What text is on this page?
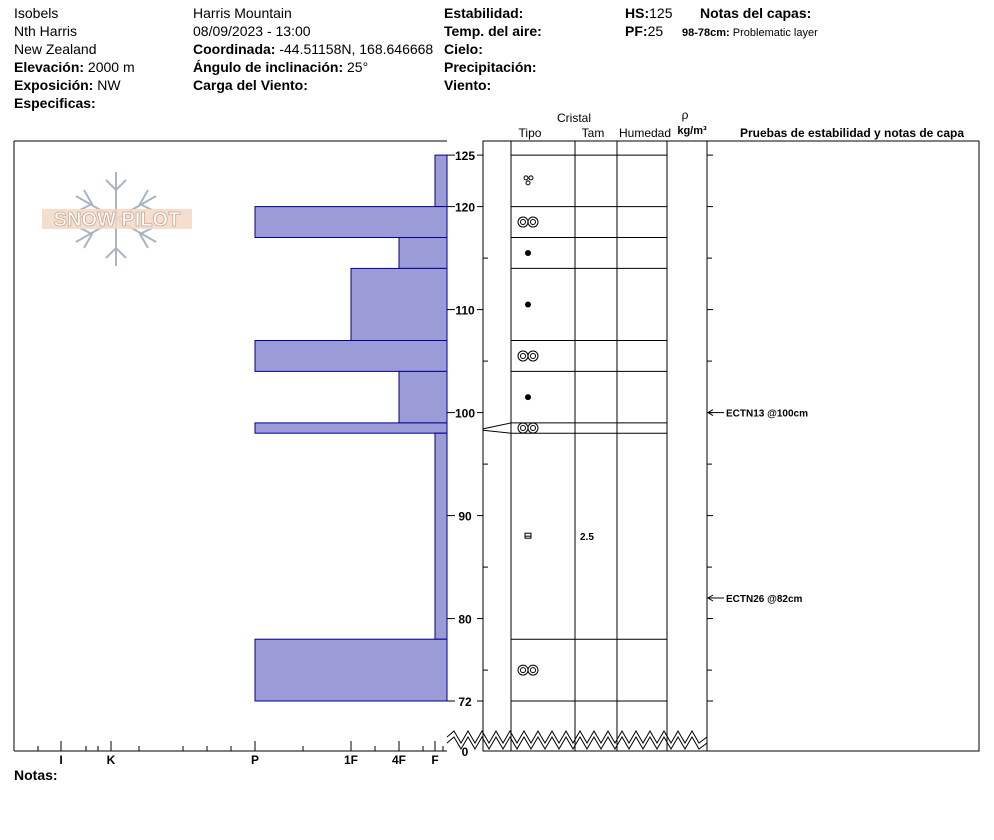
Isobels
Nth Harris
New Zealand
Elevación: 2000 m
Exposición: NW
Especificas:
Harris Mountain
08/09/2023 - 13:00
Coordinada: -44.51158N, 168.646668
Ángulo de inclinación: 25°
Carga del Viento:
Estabilidad:
Temp. del aire:
Cielo:
Precipitación:
Viento:
HS:125
PF:25
Notas del capas:
98-78cm: Problematic layer
Notas:
SNOW PILOT
I	K	P	1F	4F F
125
120
110
100
90
80
72
0
Cristal
Tipo	Tam Humedad
ρ
kg/m³	Pruebas de estabilidad y notas de capa
2.5
ECTN13 @100cm
ECTN26 @82cm
